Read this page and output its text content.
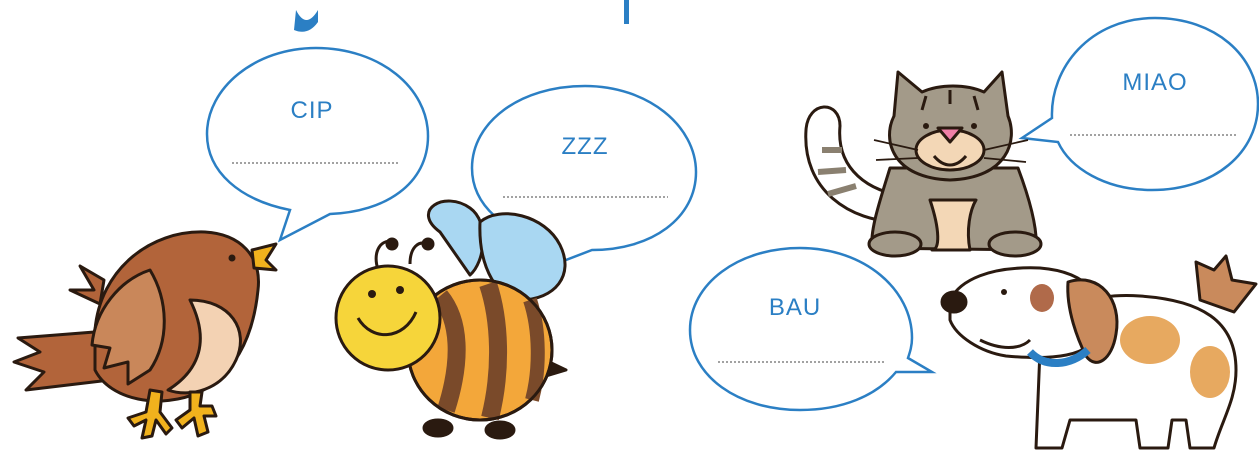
CIP
ZZZ
MIAO
BAU
